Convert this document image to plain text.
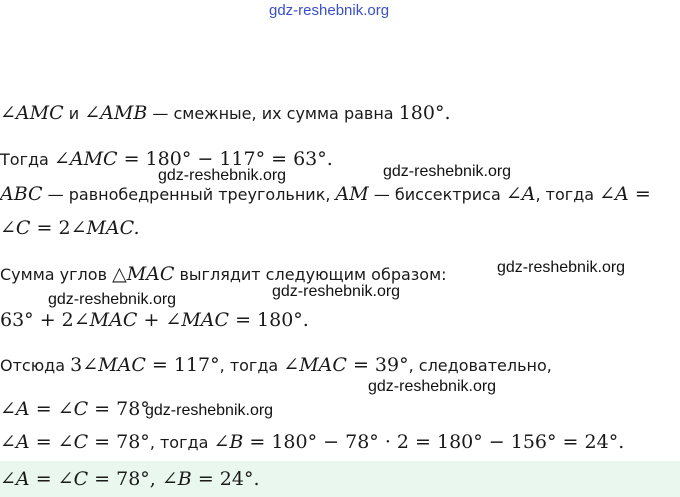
gdz-reshebnik.org
∠AMC и ∠AMB — смежные, их сумма равна 180°.
Тогда ∠AMC = 180° − 117° = 63°.
ABC — равнобедренный треугольник, AM — биссектриса ∠A, тогда ∠A =
∠C = 2∠MAC.
Сумма углов △MAC выглядит следующим образом:
63° + 2∠MAC + ∠MAC = 180°.
Отсюда 3∠MAC = 117°, тогда ∠MAC = 39°, следовательно,
∠A = ∠C = 78°
∠A = ∠C = 78°, тогда ∠B = 180° − 78° · 2 = 180° − 156° = 24°.
∠A = ∠C = 78°, ∠B = 24°.
gdz-reshebnik.org
gdz-reshebnik.org
gdz-reshebnik.org
gdz-reshebnik.org
gdz-reshebnik.org
gdz-reshebnik.org
gdz-reshebnik.org
